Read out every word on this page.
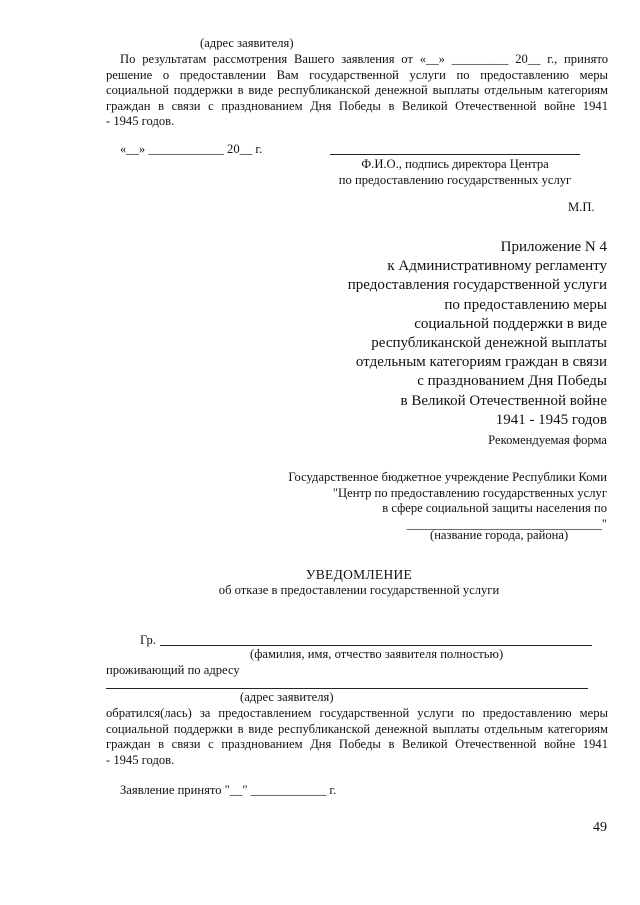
(адрес заявителя)
По результатам рассмотрения Вашего заявления от «__» _________ 20__ г., принято
решение о предоставлении Вам государственной услуги по предоставлению меры
социальной поддержки в виде республиканской денежной выплаты отдельным категориям
граждан в связи с празднованием Дня Победы в Великой Отечественной войне 1941
- 1945 годов.
«__» ____________ 20__ г.
Ф.И.О., подпись директора Центра
по предоставлению государственных услуг
М.П.
Приложение N 4
к Административному регламенту
предоставления государственной услуги
по предоставлению меры
социальной поддержки в виде
республиканской денежной выплаты
отдельным категориям граждан в связи
с празднованием Дня Победы
в Великой Отечественной войне
1941 - 1945 годов
Рекомендуемая форма
Государственное бюджетное учреждение Республики Коми
"Центр по предоставлению государственных услуг
в сфере социальной защиты населения по
_______________________________"
(название города, района)
УВЕДОМЛЕНИЕ
об отказе в предоставлении государственной услуги
Гр.
(фамилия, имя, отчество заявителя полностью)
проживающий по адресу
(адрес заявителя)
обратился(лась) за предоставлением государственной услуги по предоставлению меры
социальной поддержки в виде республиканской денежной выплаты отдельным категориям
граждан в связи с празднованием Дня Победы в Великой Отечественной войне 1941
- 1945 годов.
Заявление принято "__" ____________ г.
49
